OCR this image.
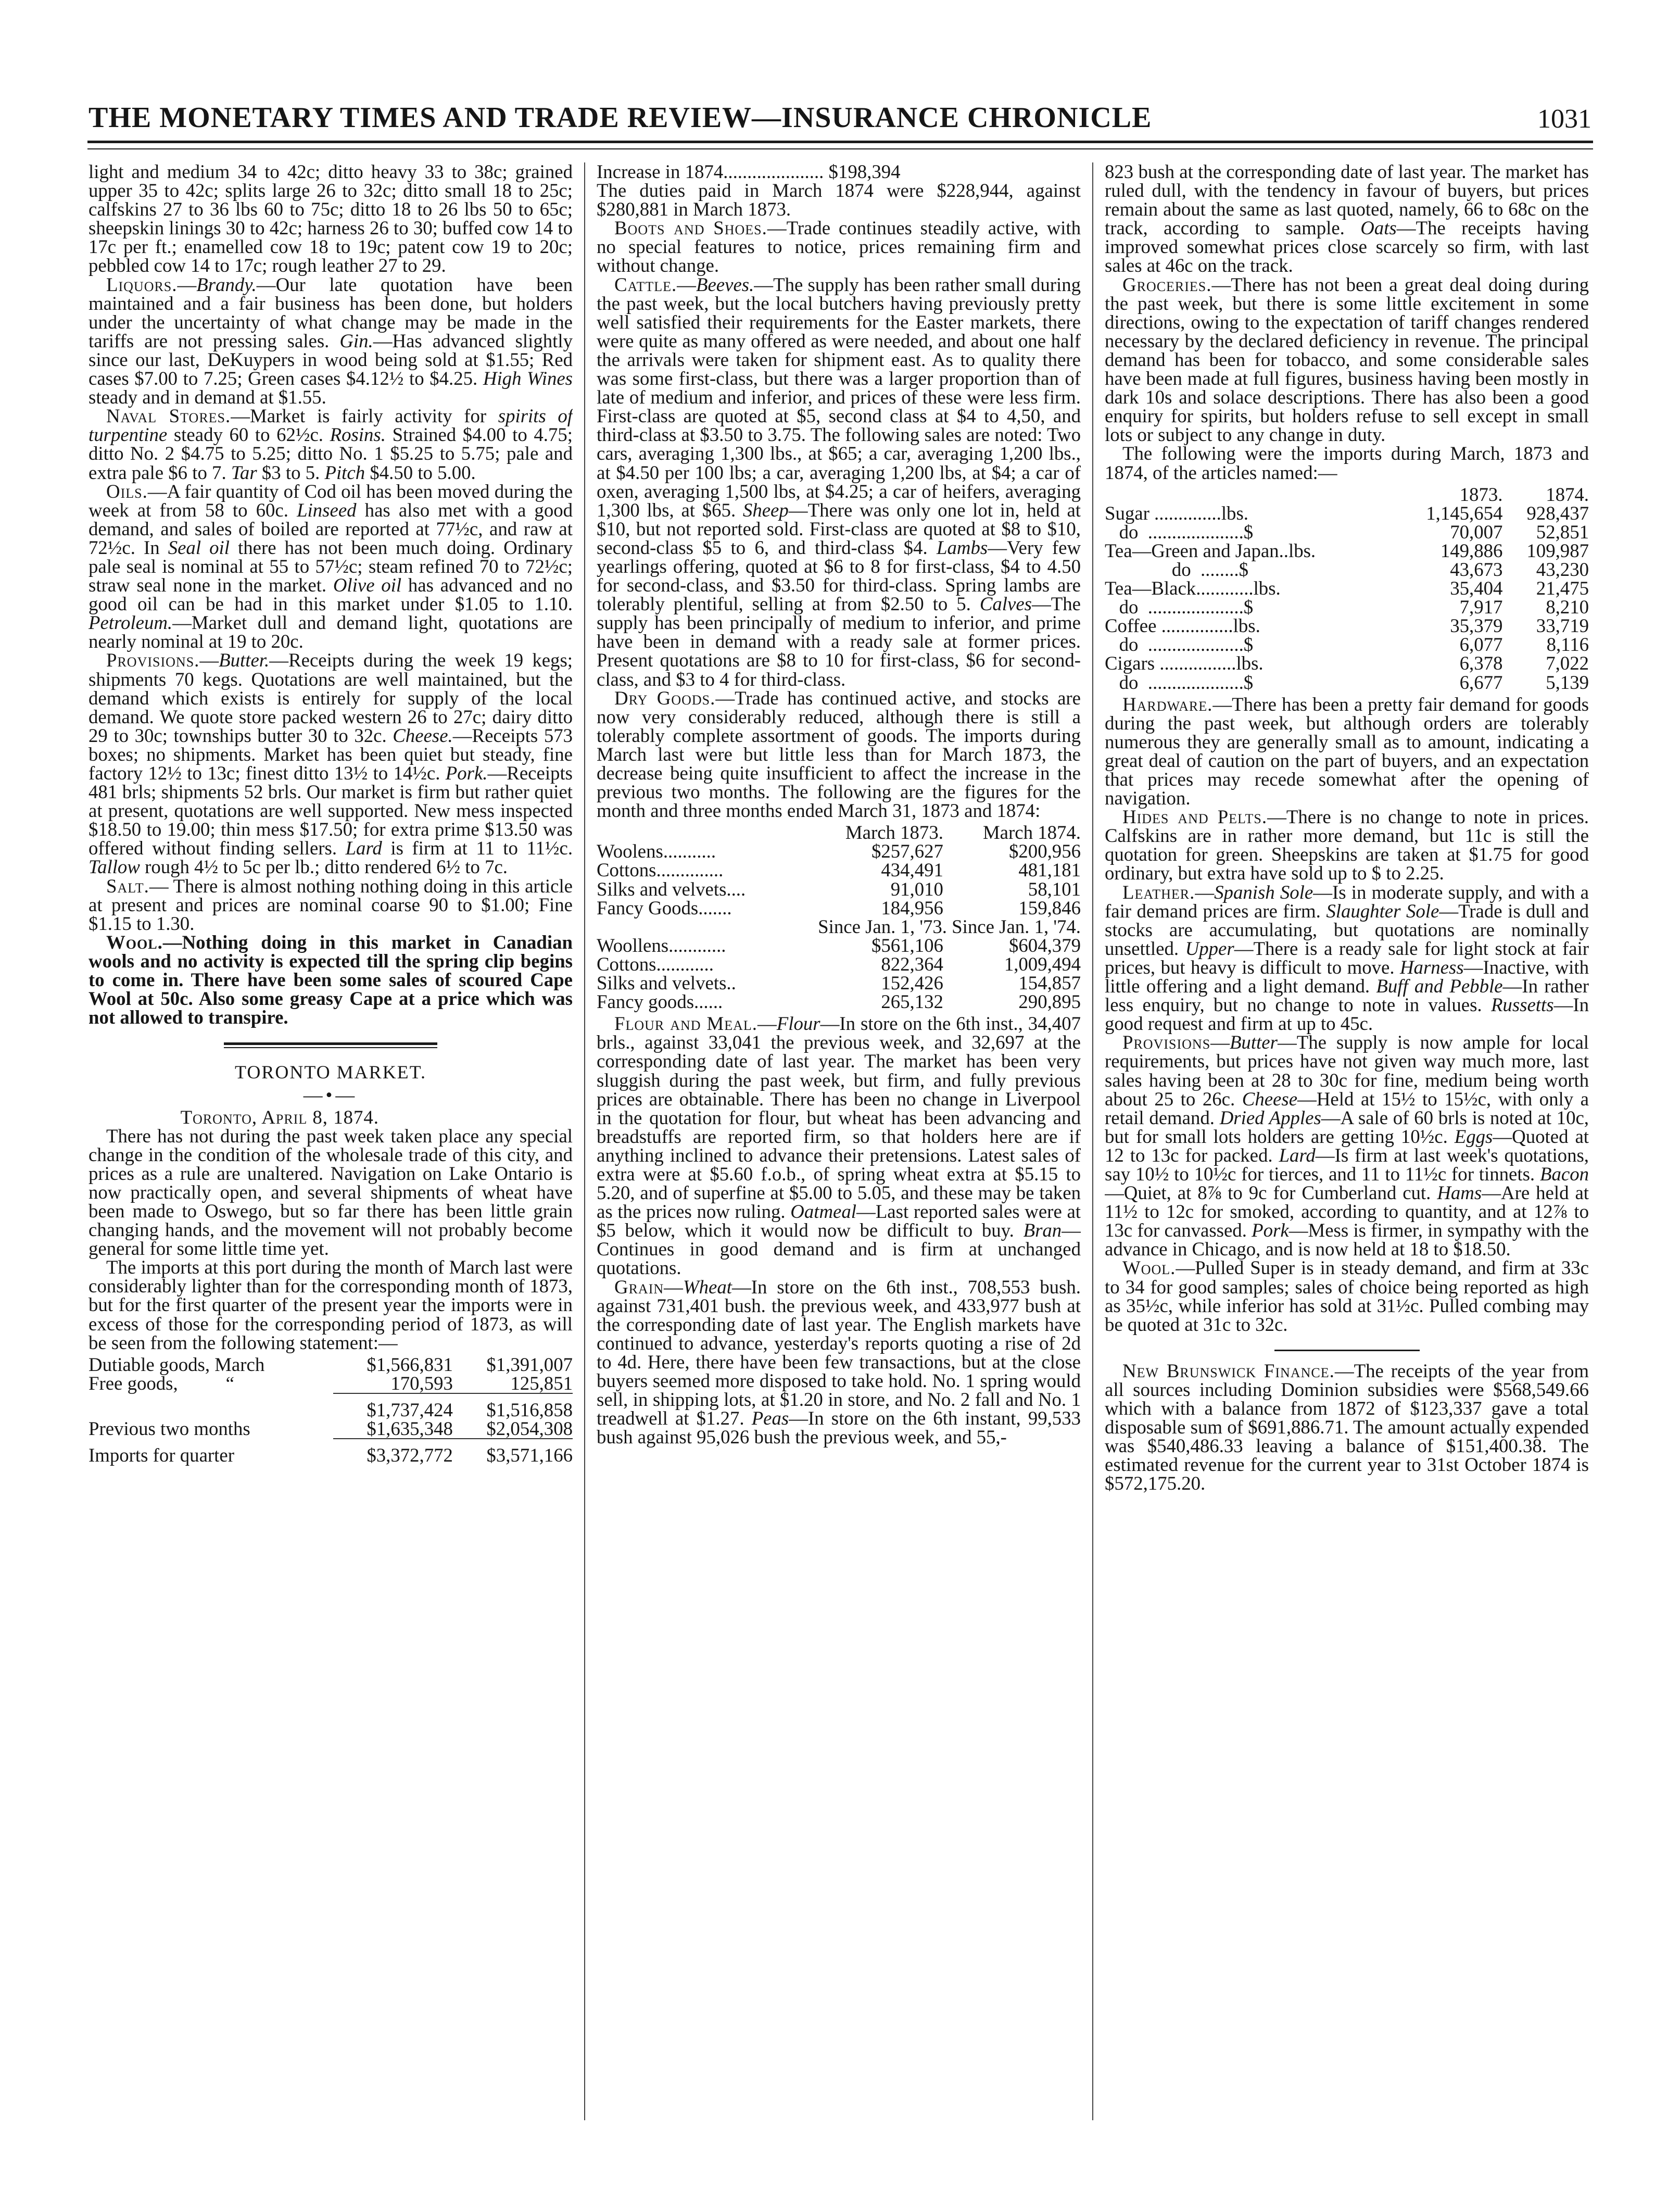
THE MONETARY TIMES AND TRADE REVIEW—INSURANCE CHRONICLE	1031

light and medium 34 to 42c; ditto heavy 33 to 38c; grained upper 35 to 42c; splits large 26 to 32c; ditto small 18 to 25c; calfskins 27 to 36 lbs 60 to 75c; ditto 18 to 26 lbs 50 to 65c; sheepskin linings 30 to 42c; harness 26 to 30; buffed cow 14 to 17c per ft.; enamelled cow 18 to 19c; patent cow 19 to 20c; pebbled cow 14 to 17c; rough leather 27 to 29.

Liquors.—Brandy.—Our late quotation have been maintained and a fair business has been done, but holders under the uncertainty of what change may be made in the tariffs are not pressing sales. Gin.—Has advanced slightly since our last, DeKuypers in wood being sold at $1.55; Red cases $7.00 to 7.25; Green cases $4.12½ to $4.25. High Wines steady and in demand at $1.55.

Naval Stores.—Market is fairly activity for spirits of turpentine steady 60 to 62½c. Rosins. Strained $4.00 to 4.75; ditto No. 2 $4.75 to 5.25; ditto No. 1 $5.25 to 5.75; pale and extra pale $6 to 7. Tar $3 to 5. Pitch $4.50 to 5.00.

Oils.—A fair quantity of Cod oil has been moved during the week at from 58 to 60c. Linseed has also met with a good demand, and sales of boiled are reported at 77½c, and raw at 72½c. In Seal oil there has not been much doing. Ordinary pale seal is nominal at 55 to 57½c; steam refined 70 to 72½c; straw seal none in the market. Olive oil has advanced and no good oil can be had in this market under $1.05 to 1.10. Petroleum.—Market dull and demand light, quotations are nearly nominal at 19 to 20c.

Provisions.—Butter.—Receipts during the week 19 kegs; shipments 70 kegs. Quotations are well maintained, but the demand which exists is entirely for supply of the local demand. We quote store packed western 26 to 27c; dairy ditto 29 to 30c; townships butter 30 to 32c. Cheese.—Receipts 573 boxes; no shipments. Market has been quiet but steady, fine factory 12½ to 13c; finest ditto 13½ to 14½c. Pork.—Receipts 481 brls; shipments 52 brls. Our market is firm but rather quiet at present, quotations are well supported. New mess inspected $18.50 to 19.00; thin mess $17.50; for extra prime $13.50 was offered without finding sellers. Lard is firm at 11 to 11½c. Tallow rough 4½ to 5c per lb.; ditto rendered 6½ to 7c.

Salt.— There is almost nothing nothing doing in this article at present and prices are nominal coarse 90 to $1.00; Fine $1.15 to 1.30.

Wool.—Nothing doing in this market in Canadian wools and no activity is expected till the spring clip begins to come in. There have been some sales of scoured Cape Wool at 50c. Also some greasy Cape at a price which was not allowed to transpire.

TORONTO MARKET.

—•—

Toronto, April 8, 1874.

There has not during the past week taken place any special change in the condition of the wholesale trade of this city, and prices as a rule are unaltered. Navigation on Lake Ontario is now practically open, and several shipments of wheat have been made to Oswego, but so far there has been little grain changing hands, and the movement will not probably become general for some little time yet.

The imports at this port during the month of March last were considerably lighter than for the corresponding month of 1873, but for the first quarter of the present year the imports were in excess of those for the corresponding period of 1873, as will be seen from the following statement:—

Dutiable goods, March	$1,566,831	$1,391,007
Free goods,          “	170,593	125,851

	$1,737,424	$1,516,858
Previous two months	$1,635,348	$2,054,308

Imports for quarter	$3,372,772	$3,571,166

Increase in 1874..................... $198,394

The duties paid in March 1874 were $228,944, against $280,881 in March 1873.

Boots and Shoes.—Trade continues steadily active, with no special features to notice, prices remaining firm and without change.

Cattle.—Beeves.—The supply has been rather small during the past week, but the local butchers having previously pretty well satisfied their requirements for the Easter markets, there were quite as many offered as were needed, and about one half the arrivals were taken for shipment east. As to quality there was some first-class, but there was a larger proportion than of late of medium and inferior, and prices of these were less firm. First-class are quoted at $5, second class at $4 to 4,50, and third-class at $3.50 to 3.75. The following sales are noted: Two cars, averaging 1,300 lbs., at $65; a car, averaging 1,200 lbs., at $4.50 per 100 lbs; a car, averaging 1,200 lbs, at $4; a car of oxen, averaging 1,500 lbs, at $4.25; a car of heifers, averaging 1,300 lbs, at $65. Sheep—There was only one lot in, held at $10, but not reported sold. First-class are quoted at $8 to $10, second-class $5 to 6, and third-class $4. Lambs—Very few yearlings offering, quoted at $6 to 8 for first-class, $4 to 4.50 for second-class, and $3.50 for third-class. Spring lambs are tolerably plentiful, selling at from $2.50 to 5. Calves—The supply has been principally of medium to inferior, and prime have been in demand with a ready sale at former prices. Present quotations are $8 to 10 for first-class, $6 for second-class, and $3 to 4 for third-class.

Dry Goods.—Trade has continued active, and stocks are now very considerably reduced, although there is still a tolerably complete assortment of goods. The imports during March last were but little less than for March 1873, the decrease being quite insufficient to affect the increase in the previous two months. The following are the figures for the month and three months ended March 31, 1873 and 1874:

	March 1873.	March 1874.
Woolens...........	$257,627	$200,956
Cottons..............	434,491	481,181
Silks and velvets....	91,010	58,101
Fancy Goods.......	184,956	159,846
Since Jan. 1, '73. Since Jan. 1, '74.		
Woollens............	$561,106	$604,379
Cottons............	822,364	1,009,494
Silks and velvets..	152,426	154,857
Fancy goods......	265,132	290,895

Flour and Meal.—Flour—In store on the 6th inst., 34,407 brls., against 33,041 the previous week, and 32,697 at the corresponding date of last year. The market has been very sluggish during the past week, but firm, and fully previous prices are obtainable. There has been no change in Liverpool in the quotation for flour, but wheat has been advancing and breadstuffs are reported firm, so that holders here are if anything inclined to advance their pretensions. Latest sales of extra were at $5.60 f.o.b., of spring wheat extra at $5.15 to 5.20, and of superfine at $5.00 to 5.05, and these may be taken as the prices now ruling. Oatmeal—Last reported sales were at $5 below, which it would now be difficult to buy. Bran—Continues in good demand and is firm at unchanged quotations.

Grain—Wheat—In store on the 6th inst., 708,553 bush. against 731,401 bush. the previous week, and 433,977 bush at the corresponding date of last year. The English markets have continued to advance, yesterday's reports quoting a rise of 2d to 4d. Here, there have been few transactions, but at the close buyers seemed more disposed to take hold. No. 1 spring would sell, in shipping lots, at $1.20 in store, and No. 2 fall and No. 1 treadwell at $1.27. Peas—In store on the 6th instant, 99,533 bush against 95,026 bush the previous week, and 55,-

823 bush at the corresponding date of last year. The market has ruled dull, with the tendency in favour of buyers, but prices remain about the same as last quoted, namely, 66 to 68c on the track, according to sample. Oats—The receipts having improved somewhat prices close scarcely so firm, with last sales at 46c on the track.

Groceries.—There has not been a great deal doing during the past week, but there is some little excitement in some directions, owing to the expectation of tariff changes rendered necessary by the declared deficiency in revenue. The principal demand has been for tobacco, and some considerable sales have been made at full figures, business having been mostly in dark 10s and solace descriptions. There has also been a good enquiry for spirits, but holders refuse to sell except in small lots or subject to any change in duty.

The following were the imports during March, 1873 and 1874, of the articles named:—

	1873.	1874.
Sugar ..............lbs.	1,145,654	928,437
do  ....................$	70,007	52,851
Tea—Green and Japan..lbs.	149,886	109,987
do  ........$	43,673	43,230
Tea—Black............lbs.	35,404	21,475
do  ....................$	7,917	8,210
Coffee ...............lbs.	35,379	33,719
do  ....................$	6,077	8,116
Cigars ................lbs.	6,378	7,022
do  ....................$	6,677	5,139

Hardware.—There has been a pretty fair demand for goods during the past week, but although orders are tolerably numerous they are generally small as to amount, indicating a great deal of caution on the part of buyers, and an expectation that prices may recede somewhat after the opening of navigation.

Hides and Pelts.—There is no change to note in prices. Calfskins are in rather more demand, but 11c is still the quotation for green. Sheepskins are taken at $1.75 for good ordinary, but extra have sold up to $ to 2.25.

Leather.—Spanish Sole—Is in moderate supply, and with a fair demand prices are firm. Slaughter Sole—Trade is dull and stocks are accumulating, but quotations are nominally unsettled. Upper—There is a ready sale for light stock at fair prices, but heavy is difficult to move. Harness—Inactive, with little offering and a light demand. Buff and Pebble—In rather less enquiry, but no change to note in values. Russetts—In good request and firm at up to 45c.

Provisions—Butter—The supply is now ample for local requirements, but prices have not given way much more, last sales having been at 28 to 30c for fine, medium being worth about 25 to 26c. Cheese—Held at 15½ to 15½c, with only a retail demand. Dried Apples—A sale of 60 brls is noted at 10c, but for small lots holders are getting 10½c. Eggs—Quoted at 12 to 13c for packed. Lard—Is firm at last week's quotations, say 10½ to 10½c for tierces, and 11 to 11½c for tinnets. Bacon—Quiet, at 8⅞ to 9c for Cumberland cut. Hams—Are held at 11½ to 12c for smoked, according to quantity, and at 12⅞ to 13c for canvassed. Pork—Mess is firmer, in sympathy with the advance in Chicago, and is now held at 18 to $18.50.

Wool.—Pulled Super is in steady demand, and firm at 33c to 34 for good samples; sales of choice being reported as high as 35½c, while inferior has sold at 31½c. Pulled combing may be quoted at 31c to 32c.

New Brunswick Finance.—The receipts of the year from all sources including Dominion subsidies were $568,549.66 which with a balance from 1872 of $123,337 gave a total disposable sum of $691,886.71. The amount actually expended was $540,486.33 leaving a balance of $151,400.38. The estimated revenue for the current year to 31st October 1874 is $572,175.20.
